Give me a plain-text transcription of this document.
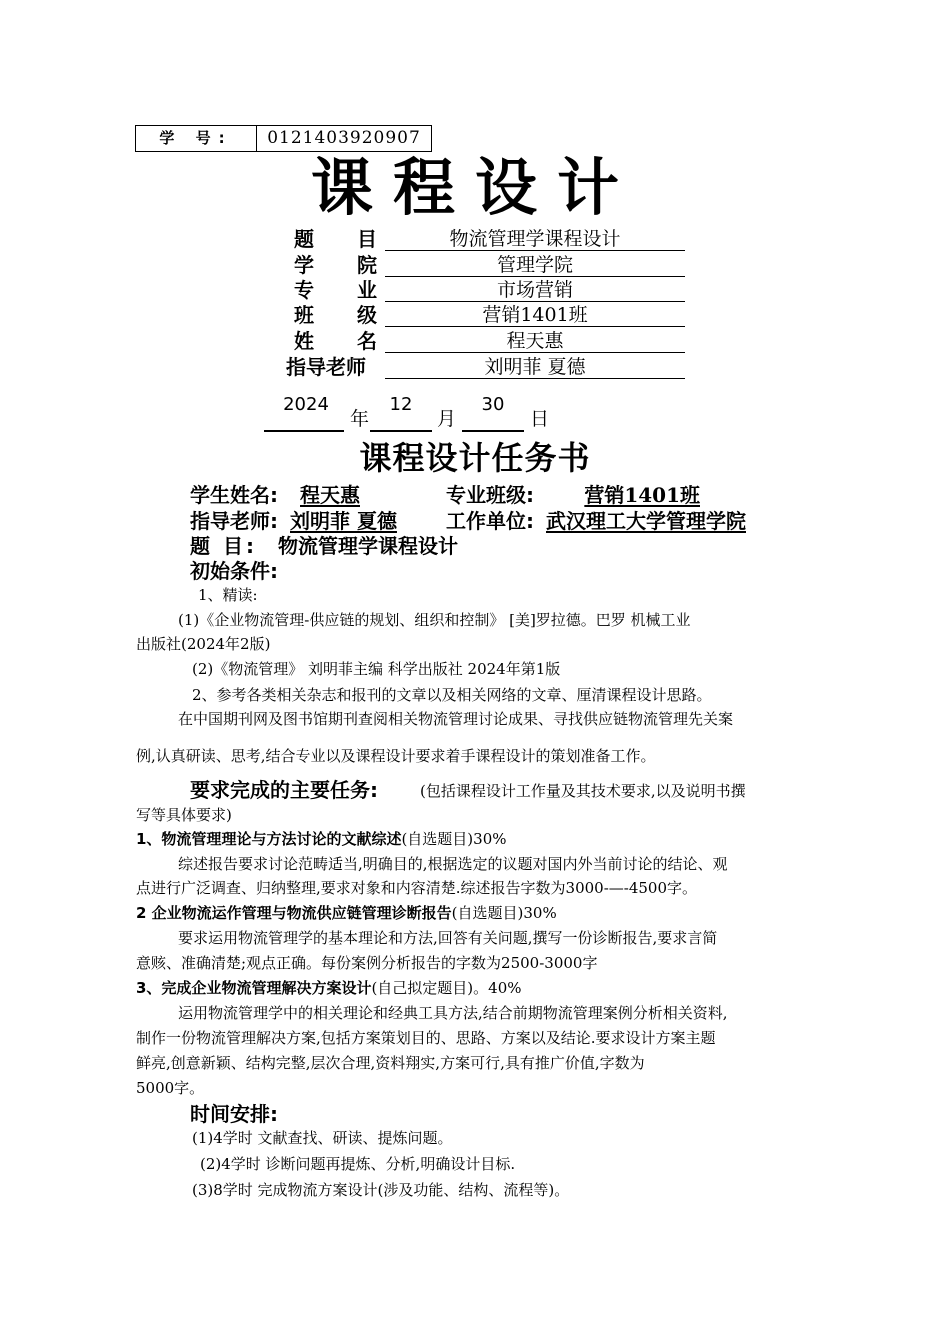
学 号:	0121403920907
课程设计
题 目	物流管理学课程设计
学 院	管理学院
专 业	市场营销
班 级	营销1401班
姓 名	程天惠
指导老师	刘明菲 夏德
2024
年
12
月
30
日
课程设计任务书
学生姓名: 程天惠	专业班级:	营销1401班
指导老师: 刘明菲 夏德	工作单位: 武汉理工大学管理学院
题 目: 物流管理学课程设计
初始条件:
1、精读:
(1)《企业物流管理-供应链的规划、组织和控制》 [美]罗拉德。巴罗 机械工业
出版社(2024年2版)
(2)《物流管理》 刘明菲主编 科学出版社 2024年第1版
2、参考各类相关杂志和报刊的文章以及相关网络的文章、厘清课程设计思路。
在中国期刊网及图书馆期刊查阅相关物流管理讨论成果、寻找供应链物流管理先关案
例,认真研读、思考,结合专业以及课程设计要求着手课程设计的策划准备工作。
要求完成的主要任务:	(包括课程设计工作量及其技术要求,以及说明书撰
写等具体要求)
1、物流管理理论与方法讨论的文献综述(自选题目)30%
综述报告要求讨论范畴适当,明确目的,根据选定的议题对国内外当前讨论的结论、观
点进行广泛调查、归纳整理,要求对象和内容清楚.综述报告字数为3000-—-4500字。
2 企业物流运作管理与物流供应链管理诊断报告(自选题目)30%
要求运用物流管理学的基本理论和方法,回答有关问题,撰写一份诊断报告,要求言简
意赅、准确清楚;观点正确。每份案例分析报告的字数为2500-3000字
3、完成企业物流管理解决方案设计(自己拟定题目)。40%
运用物流管理学中的相关理论和经典工具方法,结合前期物流管理案例分析相关资料,
制作一份物流管理解决方案,包括方案策划目的、思路、方案以及结论.要求设计方案主题
鲜亮,创意新颖、结构完整,层次合理,资料翔实,方案可行,具有推广价值,字数为
5000字。
时间安排:
(1)4学时 文献查找、研读、提炼问题。
(2)4学时 诊断问题再提炼、分析,明确设计目标.
(3)8学时 完成物流方案设计(涉及功能、结构、流程等)。
